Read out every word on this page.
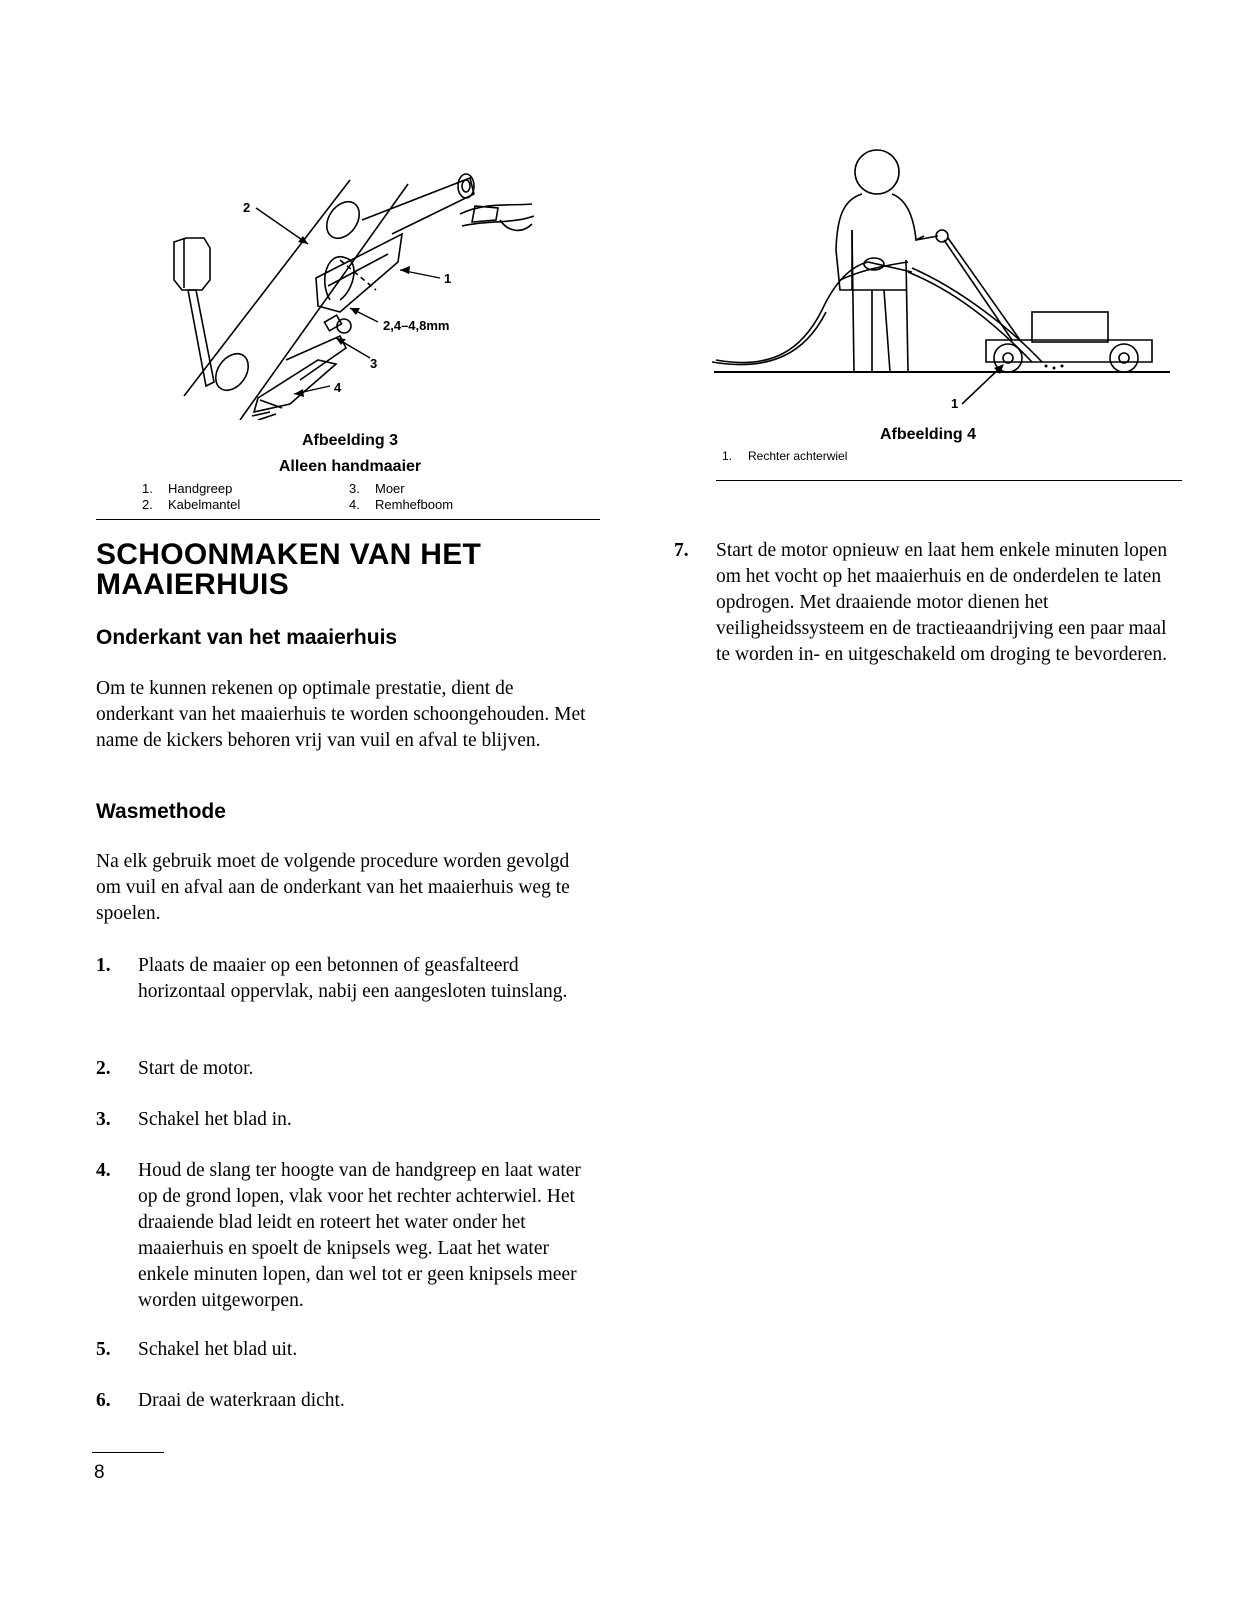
2
1
2,4–4,8mm
3
4
Afbeelding 3
Alleen handmaaier
1. Handgreep
2. Kabelmantel
3. Moer
4. Remhefboom
1
Afbeelding 4
1. Rechter achterwiel
SCHOONMAKEN VAN HET MAAIERHUIS
Onderkant van het maaierhuis

Om te kunnen rekenen op optimale prestatie, dient de onderkant van het maaierhuis te worden schoongehouden. Met name de kickers behoren vrij van vuil en afval te blijven.

Wasmethode

Na elk gebruik moet de volgende procedure worden gevolgd om vuil en afval aan de onderkant van het maaierhuis weg te spoelen.

1. Plaats de maaier op een betonnen of geasfalteerd horizontaal oppervlak, nabij een aangesloten tuinslang.
2. Start de motor.
3. Schakel het blad in.
4. Houd de slang ter hoogte van de handgreep en laat water op de grond lopen, vlak voor het rechter achterwiel. Het draaiende blad leidt en roteert het water onder het maaierhuis en spoelt de knipsels weg. Laat het water enkele minuten lopen, dan wel tot er geen knipsels meer worden uitgeworpen.
5. Schakel het blad uit.
6. Draai de waterkraan dicht.
7. Start de motor opnieuw en laat hem enkele minuten lopen om het vocht op het maaierhuis en de onderdelen te laten opdrogen. Met draaiende motor dienen het veiligheidssysteem en de tractieaandrijving een paar maal te worden in- en uitgeschakeld om droging te bevorderen.
8
